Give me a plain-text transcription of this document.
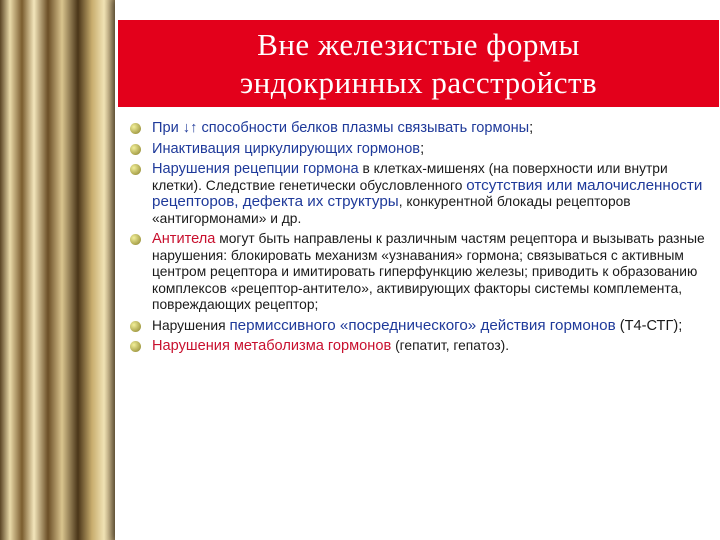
Вне железистые формы
эндокринных расстройств
При ↓↑ способности белков плазмы связывать гормоны;
Инактивация циркулирующих гормонов;
Нарушения рецепции гормона в клетках-мишенях (на поверхности или внутри клетки). Следствие генетически обусловленного отсутствия или малочисленности рецепторов, дефекта их структуры, конкурентной блокады рецепторов «антигормонами» и др.
Антитела могут быть направлены к различным частям рецептора и вызывать разные нарушения: блокировать механизм «узнавания» гормона; связываться с активным центром рецептора и имитировать гиперфункцию железы; приводить к образованию комплексов «рецептор-антитело», активирующих факторы системы комплемента, повреждающих рецептор;
Нарушения пермиссивного «посреднического» действия гормонов (Т4-СТГ);
Нарушения метаболизма гормонов (гепатит, гепатоз).
